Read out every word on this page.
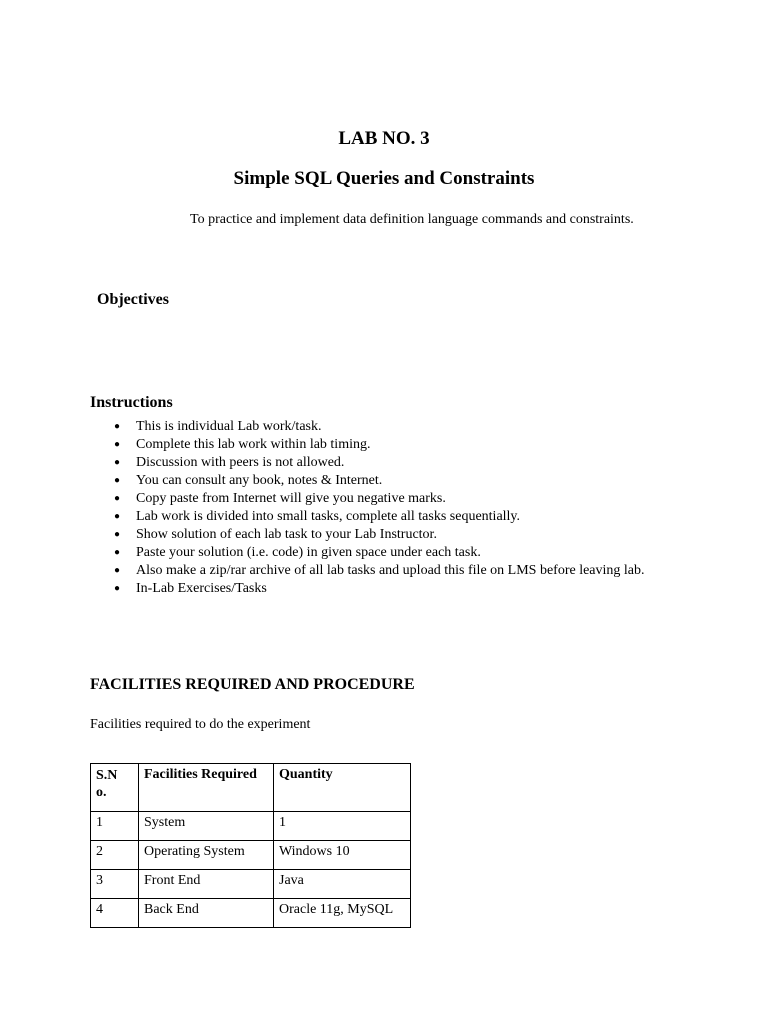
LAB NO. 3

Simple SQL Queries and Constraints

To practice and implement data definition language commands and constraints.

Objectives

Instructions

● This is individual Lab work/task.
● Complete this lab work within lab timing.
● Discussion with peers is not allowed.
● You can consult any book, notes & Internet.
● Copy paste from Internet will give you negative marks.
● Lab work is divided into small tasks, complete all tasks sequentially.
● Show solution of each lab task to your Lab Instructor.
● Paste your solution (i.e. code) in given space under each task.
● Also make a zip/rar archive of all lab tasks and upload this file on LMS before leaving lab.
● In-Lab Exercises/Tasks

FACILITIES REQUIRED AND PROCEDURE

Facilities required to do the experiment

S.No.	Facilities Required	Quantity
1	System	1
2	Operating System	Windows 10
3	Front End	Java
4	Back End	Oracle 11g, MySQL
